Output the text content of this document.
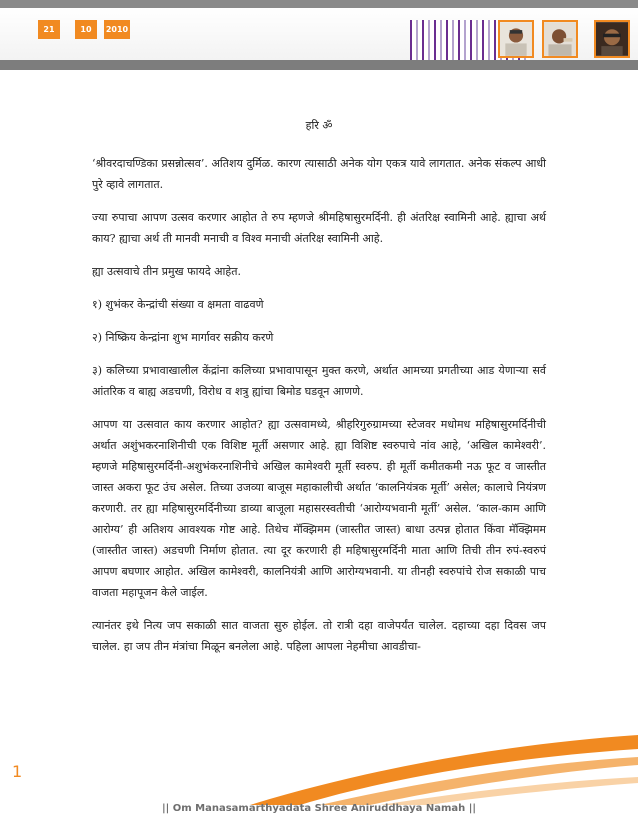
21	10	2010

हरि ॐ

‘श्रीवरदाचण्डिका प्रसन्नोत्सव’. अतिशय दुर्मिळ. कारण त्यासाठी अनेक योग एकत्र यावे लागतात. अनेक संकल्प आधी पुरे व्हावे लागतात.

ज्या रुपाचा आपण उत्सव करणार आहोत ते रुप म्हणजे श्रीमहिषासुरमर्दिनी. ही अंतरिक्ष स्वामिनी आहे. ह्याचा अर्थ काय? ह्याचा अर्थ ती मानवी मनाची व विश्व मनाची अंतरिक्ष स्वामिनी आहे.

ह्या उत्सवाचे तीन प्रमुख फायदे आहेत.

१) शुभंकर केन्द्रांची संख्या व क्षमता वाढवणे

२) निष्क्रिय केन्द्रांना शुभ मार्गावर सक्रीय करणे

३) कलिच्या प्रभावाखालील केंद्रांना कलिच्या प्रभावापासून मुक्त करणे, अर्थात आमच्या प्रगतीच्या आड येणाऱ्या सर्व आंतरिक व बाह्य अडचणी, विरोध व शत्रु ह्यांचा बिमोड घडवून आणणे.

आपण या उत्सवात काय करणार आहोत? ह्या उत्सवामध्ये, श्रीहरिगुरुग्रामच्या स्टेजवर मधोमध महिषासुरमर्दिनीची अर्थात अशुंभकरनाशिनीची एक विशिष्ट मूर्ती असणार आहे. ह्या विशिष्ट स्वरुपाचे नांव आहे, ‘अखिल कामेश्वरी’. म्हणजे महिषासुरमर्दिनी-अशुभंकरनाशिनीचे अखिल कामेश्वरी मूर्ती स्वरुप. ही मूर्ती कमीतकमी नऊ फूट व जास्तीत जास्त अकरा फूट उंच असेल. तिच्या उजव्या बाजूस महाकालीची अर्थात ‘कालनियंत्रक मूर्ती’ असेल; कालाचे नियंत्रण करणारी. तर ह्या महिषासुरमर्दिनीच्या डाव्या बाजूला महासरस्वतीची ‘आरोग्यभवानी मूर्ती’ असेल. ‘काल-काम आणि आरोग्य’ ही अतिशय आवश्यक गोष्ट आहे. तिथेच मॅक्झिमम (जास्तीत जास्त) बाधा उत्पन्न होतात किंवा मॅक्झिमम (जास्तीत जास्त) अडचणी निर्माण होतात. त्या दूर करणारी ही महिषासुरमर्दिनी माता आणि तिची तीन रुपं-स्वरुपं आपण बघणार आहोत. अखिल कामेश्वरी, कालनियंत्री आणि आरोग्यभवानी. या तीनही स्वरुपांचे रोज सकाळी पाच वाजता महापूजन केले जाईल.

त्यानंतर इथे नित्य जप सकाळी सात वाजता सुरु होईल. तो रात्री दहा वाजेपर्यंत चालेल. दहाच्या दहा दिवस जप चालेल. हा जप तीन मंत्रांचा मिळून बनलेला आहे. पहिला आपला नेहमीचा आवडीचा-

1
|| Om Manasamarthyadata Shree Aniruddhaya Namah ||
